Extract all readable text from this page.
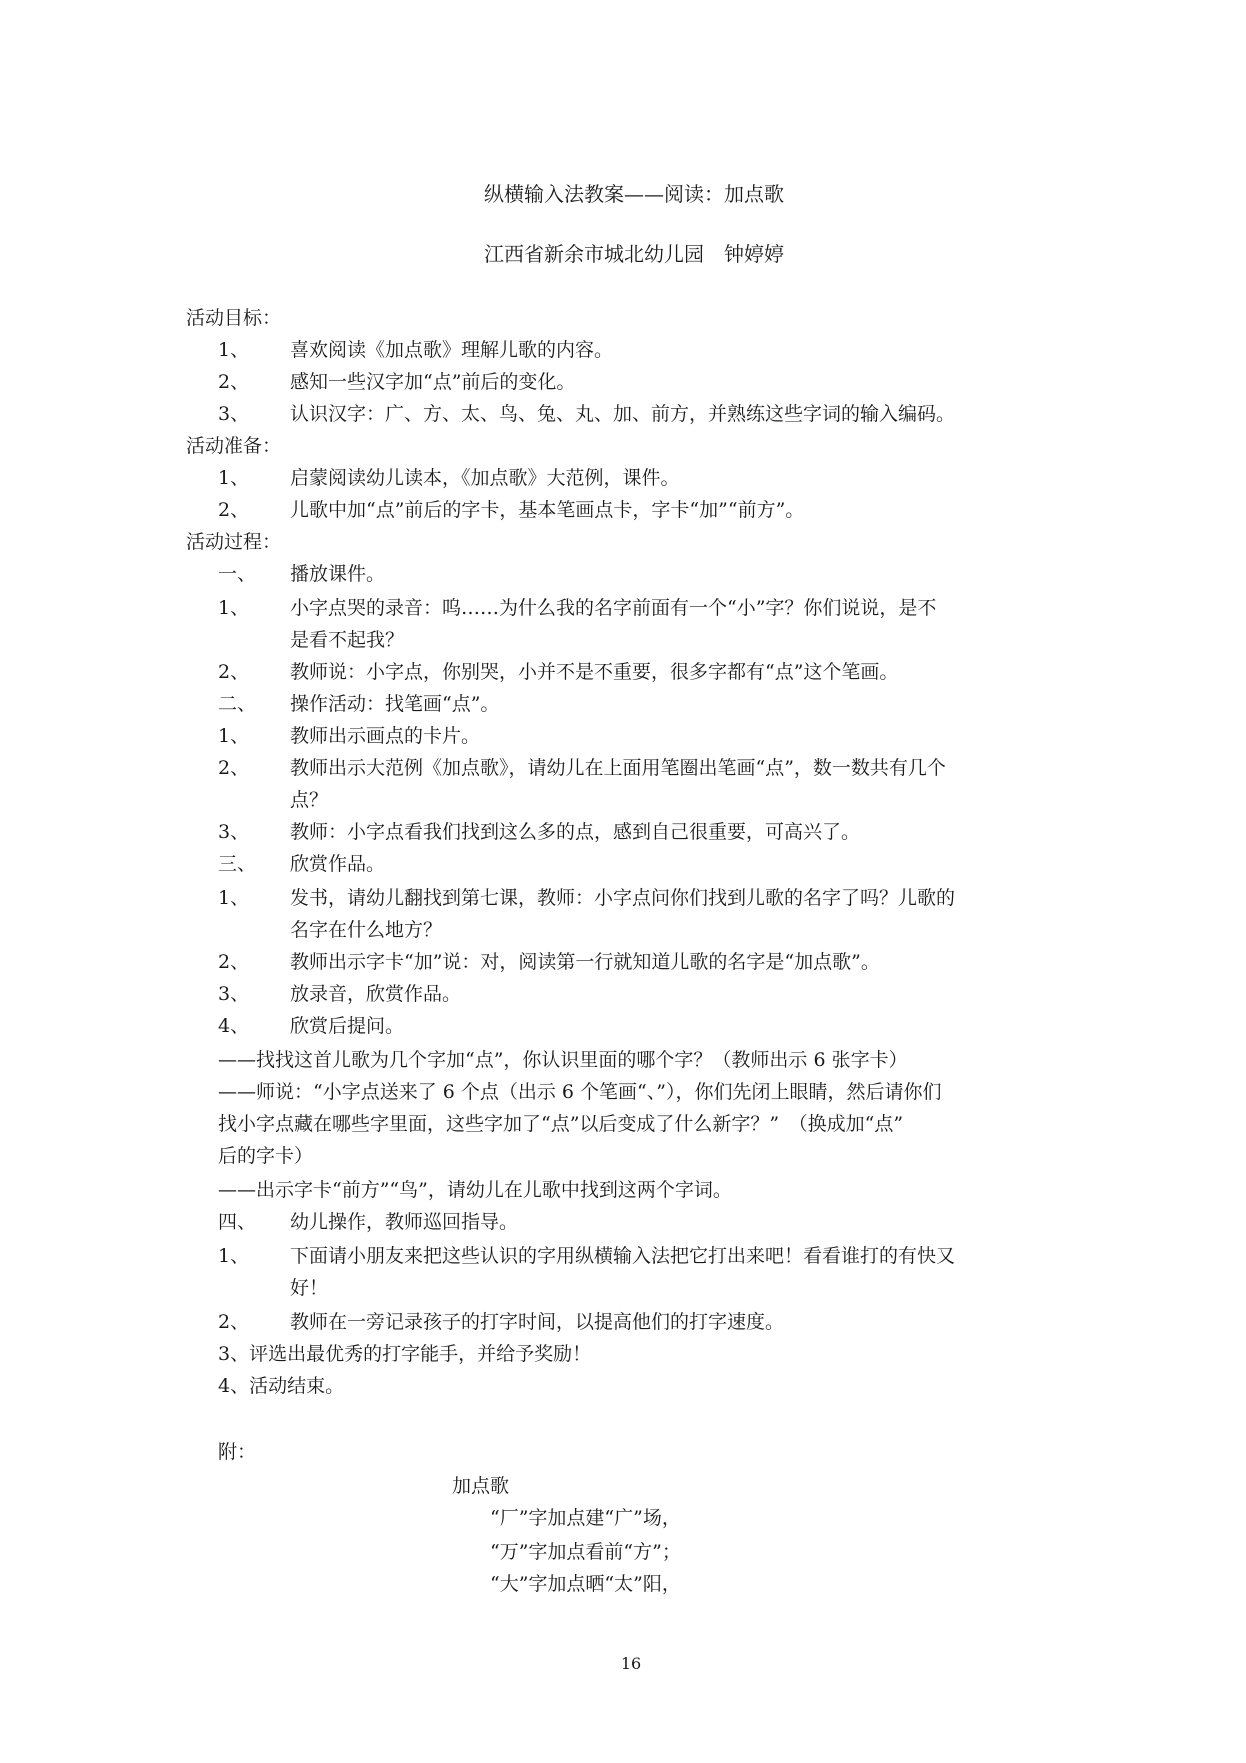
纵横输入法教案——阅读：加点歌
江西省新余市城北幼儿园　钟婷婷
活动目标：
1、 喜欢阅读《加点歌》理解儿歌的内容。
2、 感知一些汉字加“点”前后的变化。
3、 认识汉字：广、方、太、鸟、兔、丸、加、前方，并熟练这些字词的输入编码。
活动准备：
1、 启蒙阅读幼儿读本，《加点歌》大范例，课件。
2、 儿歌中加“点”前后的字卡，基本笔画点卡，字卡“加”“前方”。
活动过程：
一、 播放课件。
1、 小字点哭的录音：呜……为什么我的名字前面有一个“小”字？你们说说，是不
是看不起我？
2、 教师说：小字点，你别哭，小并不是不重要，很多字都有“点”这个笔画。
二、 操作活动：找笔画“点”。
1、 教师出示画点的卡片。
2、 教师出示大范例《加点歌》，请幼儿在上面用笔圈出笔画“点”，数一数共有几个
点？
3、 教师：小字点看我们找到这么多的点，感到自己很重要，可高兴了。
三、 欣赏作品。
1、 发书，请幼儿翻找到第七课，教师：小字点问你们找到儿歌的名字了吗？儿歌的
名字在什么地方？
2、 教师出示字卡“加”说：对，阅读第一行就知道儿歌的名字是“加点歌”。
3、 放录音，欣赏作品。
4、 欣赏后提问。
——找找这首儿歌为几个字加“点”，你认识里面的哪个字？（教师出示 6 张字卡）
——师说：“小字点送来了 6 个点（出示 6 个笔画“、”），你们先闭上眼睛，然后请你们
找小字点藏在哪些字里面，这些字加了“点”以后变成了什么新字？”　（换成加“点”
后的字卡）
——出示字卡“前方”“鸟”，请幼儿在儿歌中找到这两个字词。
四、 幼儿操作，教师巡回指导。
1、 下面请小朋友来把这些认识的字用纵横输入法把它打出来吧！看看谁打的有快又
好！
2、 教师在一旁记录孩子的打字时间，以提高他们的打字速度。
3、评选出最优秀的打字能手，并给予奖励！
4、活动结束。
附：
加点歌
“厂”字加点建“广”场，
“万”字加点看前“方”；
“大”字加点晒“太”阳，
16
